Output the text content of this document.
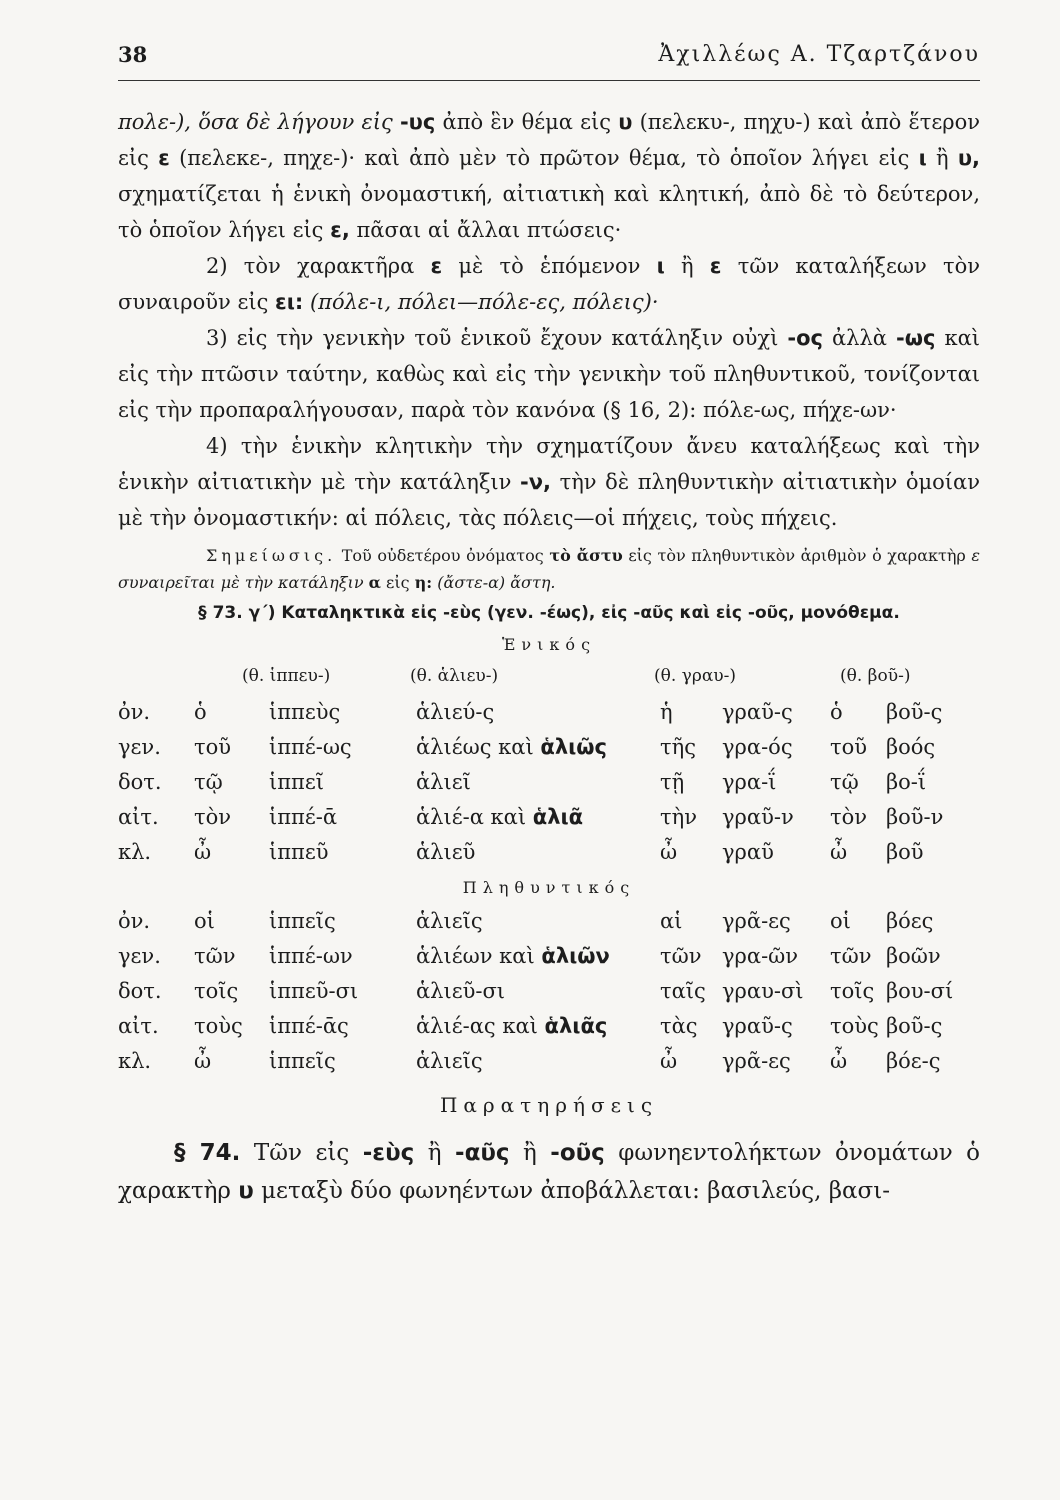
38	Ἀχιλλέως Α. Τζαρτζάνου

πολε-), ὅσα δὲ λήγουν εἰς -υς ἀπὸ ἓν θέμα εἰς υ (πελεκυ-, πηχυ-) καὶ ἀπὸ ἕτερον εἰς ε (πελεκε-, πηχε-)· καὶ ἀπὸ μὲν τὸ πρῶτον θέμα, τὸ ὁποῖον λήγει εἰς ι ἢ υ, σχηματίζεται ἡ ἑνικὴ ὀνομαστική, αἰτιατικὴ καὶ κλητική, ἀπὸ δὲ τὸ δεύτερον, τὸ ὁποῖον λήγει εἰς ε, πᾶσαι αἱ ἄλλαι πτώσεις·

2) τὸν χαρακτῆρα ε μὲ τὸ ἑπόμενον ι ἢ ε τῶν καταλήξεων τὸν συναιροῦν εἰς ει: (πόλε-ι, πόλει—πόλε-ες, πόλεις)·

3) εἰς τὴν γενικὴν τοῦ ἑνικοῦ ἔχουν κατάληξιν οὐχὶ -ος ἀλλὰ -ως καὶ εἰς τὴν πτῶσιν ταύτην, καθὼς καὶ εἰς τὴν γενικὴν τοῦ πληθυντικοῦ, τονίζονται εἰς τὴν προπαραλήγουσαν, παρὰ τὸν κανόνα (§ 16, 2): πόλε-ως, πήχε-ων·

4) τὴν ἑνικὴν κλητικὴν τὴν σχηματίζουν ἄνευ καταλήξεως καὶ τὴν ἑνικὴν αἰτιατικὴν μὲ τὴν κατάληξιν -ν, τὴν δὲ πληθυντικὴν αἰτιατικὴν ὁμοίαν μὲ τὴν ὀνομαστικήν: αἱ πόλεις, τὰς πόλεις—οἱ πήχεις, τοὺς πήχεις.

Σημείωσις. Τοῦ οὐδετέρου ὀνόματος τὸ ἄστυ εἰς τὸν πληθυντικὸν ἀριθμὸν ὁ χαρακτὴρ ε συναιρεῖται μὲ τὴν κατάληξιν α εἰς η: (ἄστε-α) ἄστη.

§ 73. γ΄) Καταληκτικὰ εἰς -εὺς (γεν. -έως), εἰς -αῦς καὶ εἰς -οῦς, μονόθεμα.
Ἑνικός
(θ. ἱππευ-)	(θ. ἁλιευ-)	(θ. γραυ-)	(θ. βοῦ-)
ὀν.	ὁ	ἱππεὺς	ἁλιεύ-ς	ἡ	γραῦ-ς	ὁ	βοῦ-ς
γεν.	τοῦ	ἱππέ-ως	ἁλιέως καὶ ἁλιῶς	τῆς	γρα-ός	τοῦ	βοός
δοτ.	τῷ	ἱππεῖ	ἁλιεῖ	τῇ	γρα-ΐ	τῷ	βο-ΐ
αἰτ.	τὸν	ἱππέ-ᾱ	ἁλιέ-α καὶ ἁλιᾶ	τὴν	γραῦ-ν	τὸν	βοῦ-ν
κλ.	ὦ	ἱππεῦ	ἁλιεῦ	ὦ	γραῦ	ὦ	βοῦ
Πληθυντικός
ὀν.	οἱ	ἱππεῖς	ἁλιεῖς	αἱ	γρᾶ-ες	οἱ	βόες
γεν.	τῶν	ἱππέ-ων	ἁλιέων καὶ ἁλιῶν	τῶν	γρα-ῶν	τῶν	βοῶν
δοτ.	τοῖς	ἱππεῦ-σι	ἁλιεῦ-σι	ταῖς	γραυ-σὶ	τοῖς	βου-σί
αἰτ.	τοὺς	ἱππέ-ᾱς	ἁλιέ-ας καὶ ἁλιᾶς	τὰς	γραῦ-ς	τοὺς	βοῦ-ς
κλ.	ὦ	ἱππεῖς	ἁλιεῖς	ὦ	γρᾶ-ες	ὦ	βόε-ς
Παρατηρήσεις

§ 74. Τῶν εἰς -εὺς ἢ -αῦς ἢ -οῦς φωνηεντολήκτων ὀνομάτων ὁ χαρακτὴρ υ μεταξὺ δύο φωνηέντων ἀποβάλλεται: βασιλεύς, βασι-
